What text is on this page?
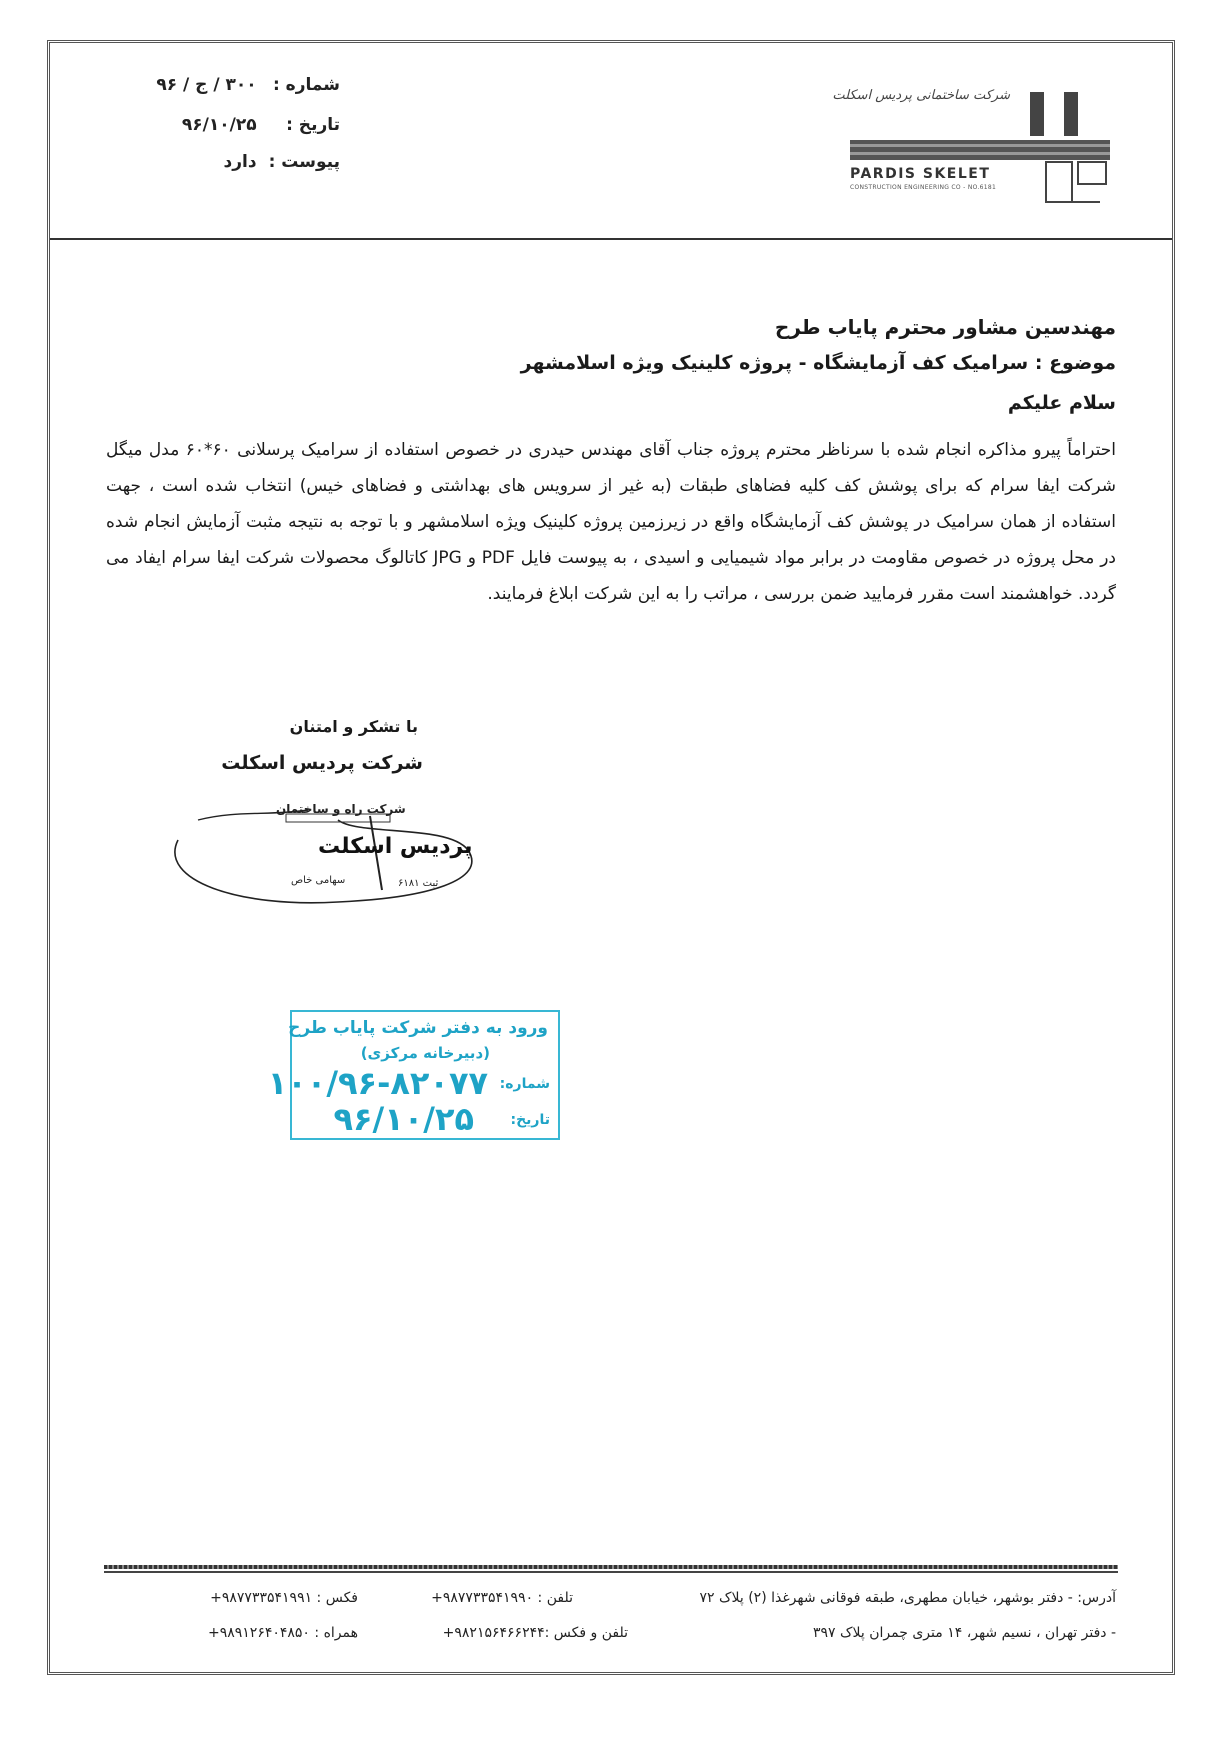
شماره : ۳۰۰ / ج / ۹۶
تاریخ : ۹۶/۱۰/۲۵
پیوست : دارد
شرکت ساختمانی پردیس اسکلت
PARDIS SKELET
CONSTRUCTION ENGINEERING CO - NO.6181
مهندسین مشاور محترم پایاب طرح
موضوع : سرامیک کف آزمایشگاه - پروژه کلینیک ویژه اسلامشهر
سلام علیکم
احتراماً پیرو مذاکره انجام شده با سرناظر محترم پروژه جناب آقای مهندس حیدری در خصوص استفاده از سرامیک پرسلانی ۶۰*۶۰ مدل میگل شرکت ایفا سرام که برای پوشش کف کلیه فضاهای طبقات (به غیر از سرویس های بهداشتی و فضاهای خیس) انتخاب شده است ، جهت استفاده از همان سرامیک در پوشش کف آزمایشگاه واقع در زیرزمین پروژه کلینیک ویژه اسلامشهر و با توجه به نتیجه مثبت آزمایش انجام شده در محل پروژه در خصوص مقاومت در برابر مواد شیمیایی و اسیدی ، به پیوست فایل PDF و JPG کاتالوگ محصولات شرکت ایفا سرام ایفاد می گردد. خواهشمند است مقرر فرمایید ضمن بررسی ، مراتب را به این شرکت ابلاغ فرمایند.
با تشکر و امتنان
شرکت پردیس اسکلت
شرکت راه و ساختمان
پردیس اسکلت
سهامی خاص	ثبت ۶۱۸۱
ورود به دفتر شرکت پایاب طرح
(دبیرخانه مرکزی)
شماره:
۱۰۰/۹۶-۸۲۰۷۷
تاریخ:
۹۶/۱۰/۲۵
آدرس: - دفتر بوشهر، خیابان مطهری، طبقه فوقانی شهرغذا (۲) پلاک ۷۲
تلفن : ۹۸۷۷۳۳۵۴۱۹۹۰+
فکس : ۹۸۷۷۳۳۵۴۱۹۹۱+
- دفتر تهران ، نسیم شهر، ۱۴ متری چمران پلاک ۳۹۷
تلفن و فکس :۹۸۲۱۵۶۴۶۶۲۴۴+
همراه : ۹۸۹۱۲۶۴۰۴۸۵۰+
